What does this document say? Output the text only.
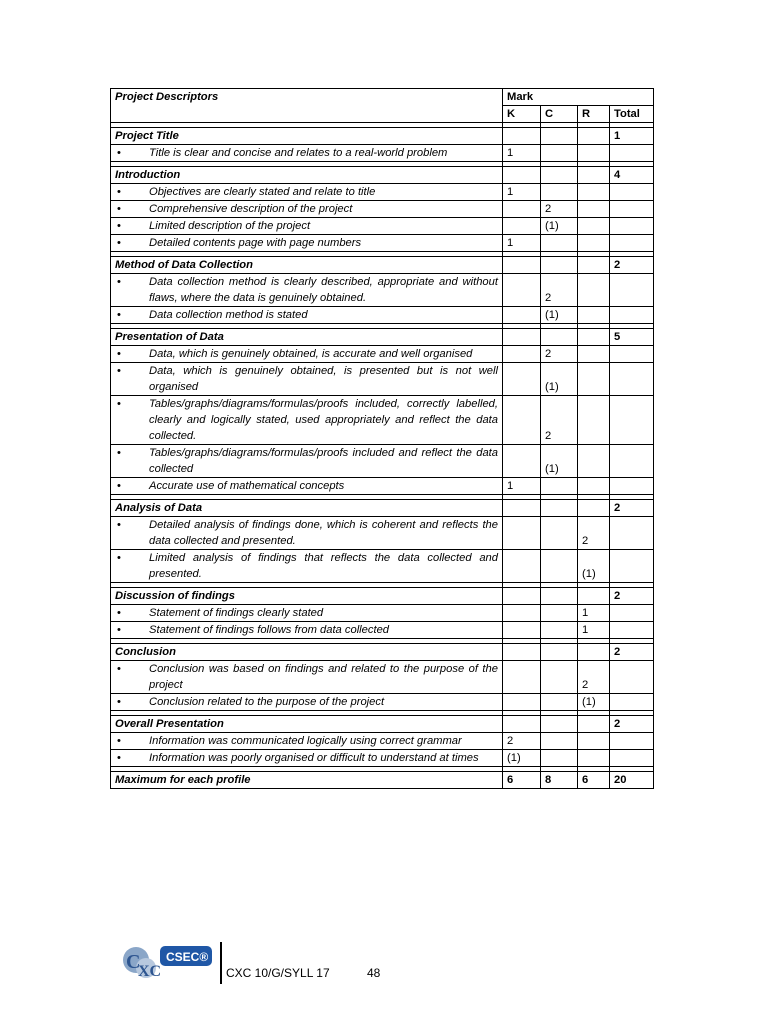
Project Descriptors	Mark			
	K	C	R	Total

Project Title				1

• Title is clear and concise and relates to a real-world problem	1			

Introduction				4

• Objectives are clearly stated and relate to title	1			

• Comprehensive description of the project		2		

• Limited description of the project		(1)		

• Detailed contents page with page numbers	1			

Method of Data Collection				2

• Data collection method is clearly described, appropriate and without flaws, where the data is genuinely obtained.		2		

• Data collection method is stated		(1)		

Presentation of Data				5

• Data, which is genuinely obtained, is accurate and well organised		2		

• Data, which is genuinely obtained, is presented but is not well organised		(1)		

• Tables/graphs/diagrams/formulas/proofs included, correctly labelled, clearly and logically stated, used appropriately and reflect the data collected.		2		

• Tables/graphs/diagrams/formulas/proofs included and reflect the data collected		(1)		

• Accurate use of mathematical concepts	1			

Analysis of Data				2

• Detailed analysis of findings done, which is coherent and reflects the data collected and presented.			2	

• Limited analysis of findings that reflects the data collected and presented.			(1)	

Discussion of findings				2

• Statement of findings clearly stated			1	

• Statement of findings follows from data collected			1	

Conclusion				2

• Conclusion was based on findings and related to the purpose of the project			2	

• Conclusion related to the purpose of the project			(1)	

Overall Presentation				2

• Information was communicated logically using correct grammar	2			

• Information was poorly organised or difficult to understand at times	(1)			

Maximum for each profile	6	8	6	20
C
XC
CSEC®
CXC 10/G/SYLL 17	48
